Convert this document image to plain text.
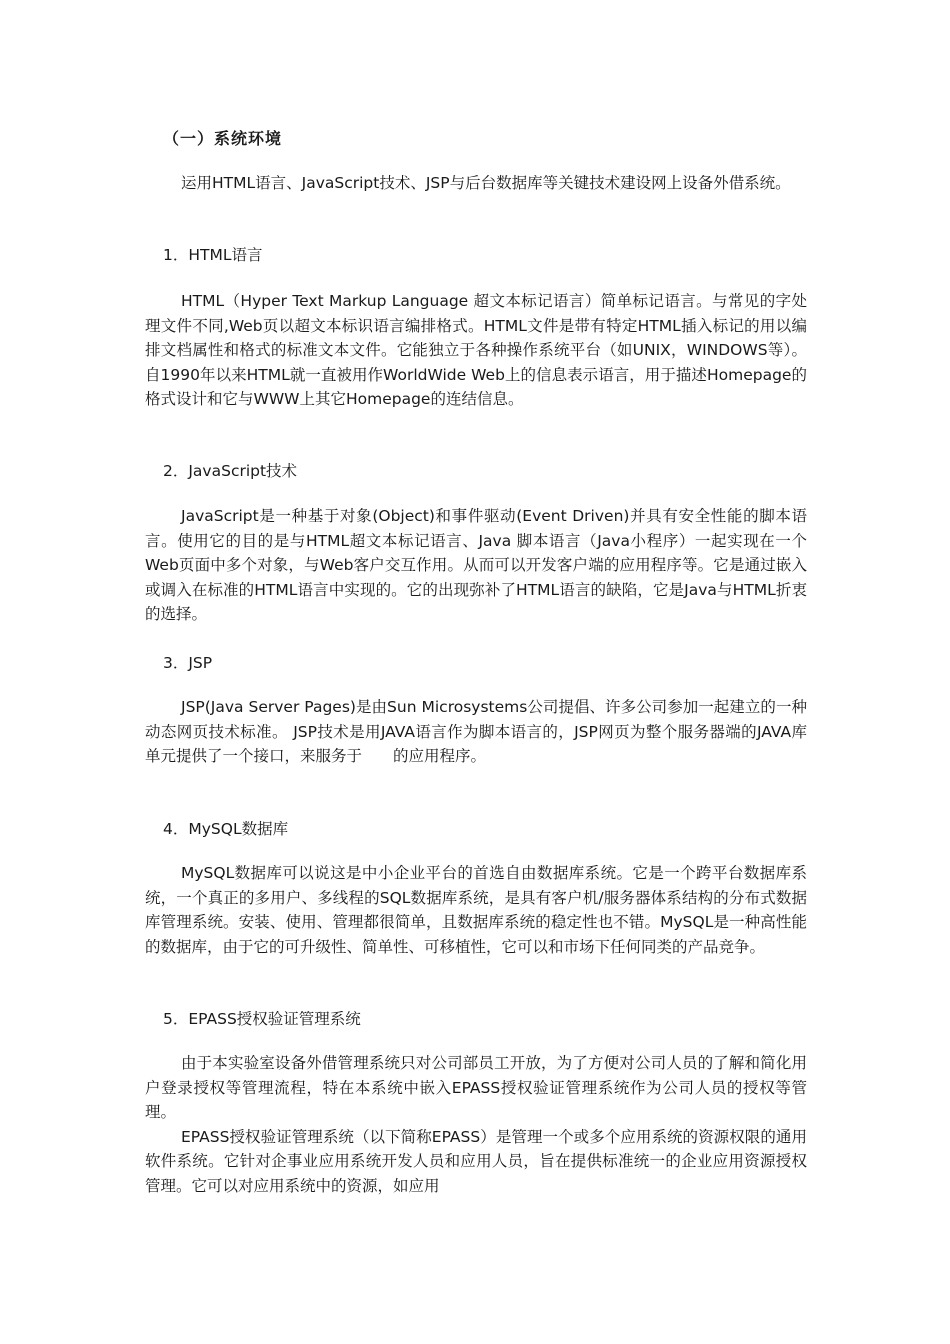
（一）系统环境

运用HTML语言、JavaScript技术、JSP与后台数据库等关键技术建设网上设备外借系统。

1．HTML语言

HTML（Hyper Text Markup Language 超文本标记语言）简单标记语言。与常见的字处理文件不同,Web页以超文本标识语言编排格式。HTML文件是带有特定HTML插入标记的用以编排文档属性和格式的标准文本文件。它能独立于各种操作系统平台（如UNIX，WINDOWS等）。自1990年以来HTML就一直被用作WorldWide Web上的信息表示语言，用于描述Homepage的格式设计和它与WWW上其它Homepage的连结信息。

2．JavaScript技术

JavaScript是一种基于对象(Object)和事件驱动(Event Driven)并具有安全性能的脚本语言。使用它的目的是与HTML超文本标记语言、Java 脚本语言（Java小程序）一起实现在一个Web页面中多个对象，与Web客户交互作用。从而可以开发客户端的应用程序等。它是通过嵌入或调入在标准的HTML语言中实现的。它的出现弥补了HTML语言的缺陷，它是Java与HTML折衷的选择。

3．JSP

JSP(Java Server Pages)是由Sun Microsystems公司提倡、许多公司参加一起建立的一种动态网页技术标准。 JSP技术是用JAVA语言作为脚本语言的，JSP网页为整个服务器端的JAVA库单元提供了一个接口，来服务于　　的应用程序。

4．MySQL数据库

MySQL数据库可以说这是中小企业平台的首选自由数据库系统。它是一个跨平台数据库系统，一个真正的多用户、多线程的SQL数据库系统，是具有客户机/服务器体系结构的分布式数据库管理系统。安装、使用、管理都很简单，且数据库系统的稳定性也不错。MySQL是一种高性能的数据库，由于它的可升级性、简单性、可移植性，它可以和市场下任何同类的产品竞争。

5．EPASS授权验证管理系统

由于本实验室设备外借管理系统只对公司部员工开放，为了方便对公司人员的了解和简化用户登录授权等管理流程，特在本系统中嵌入EPASS授权验证管理系统作为公司人员的授权等管理。

EPASS授权验证管理系统（以下简称EPASS）是管理一个或多个应用系统的资源权限的通用软件系统。它针对企事业应用系统开发人员和应用人员，旨在提供标准统一的企业应用资源授权管理。它可以对应用系统中的资源，如应用
